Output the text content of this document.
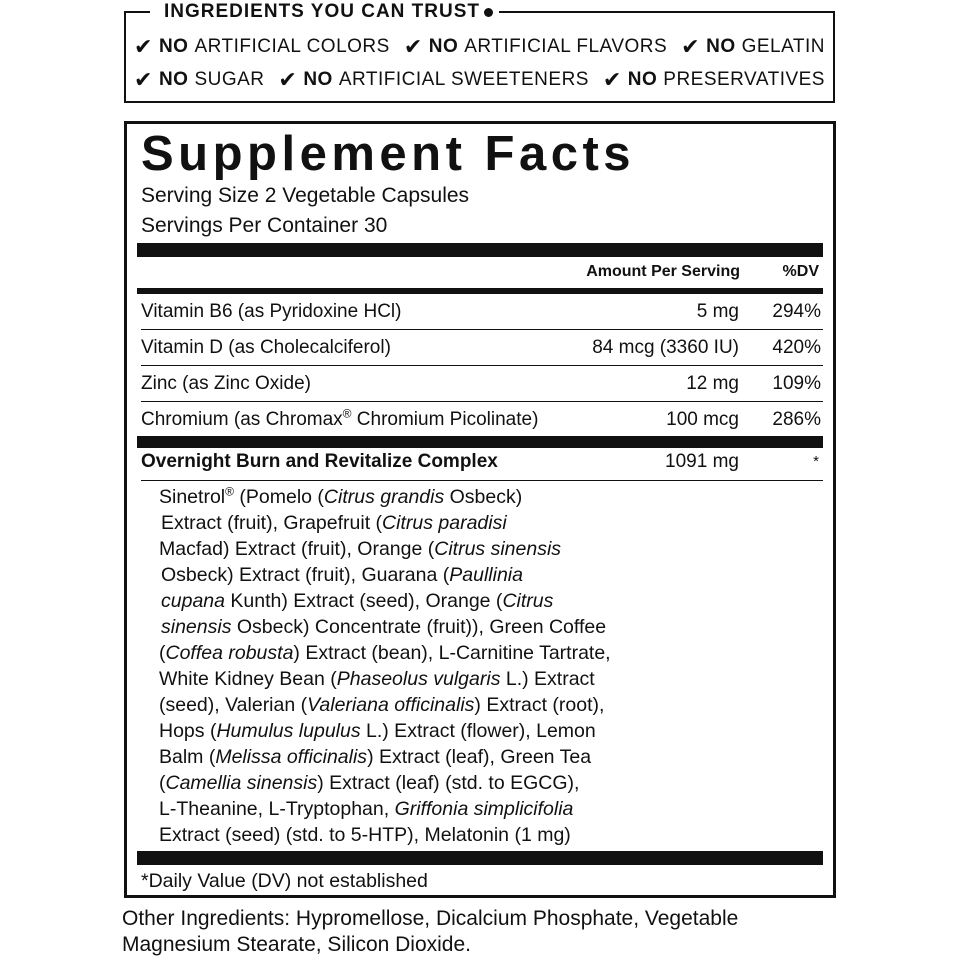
INGREDIENTS YOU CAN TRUST
✔ NO ARTIFICIAL COLORS ✔ NO ARTIFICIAL FLAVORS ✔ NO GELATIN
✔ NO SUGAR ✔ NO ARTIFICIAL SWEETENERS ✔ NO PRESERVATIVES
Supplement Facts
Serving Size 2 Vegetable Capsules
Servings Per Container 30
Amount Per Serving	%DV
Vitamin B6 (as Pyridoxine HCl)	5 mg 294%
Vitamin D (as Cholecalciferol)	84 mcg (3360 IU) 420%
Zinc (as Zinc Oxide)	12 mg 109%
Chromium (as Chromax® Chromium Picolinate)	100 mcg 286%
Overnight Burn and Revitalize Complex	1091 mg	*
Sinetrol® (Pomelo (Citrus grandis Osbeck)
Extract (fruit), Grapefruit (Citrus paradisi
Macfad) Extract (fruit), Orange (Citrus sinensis
Osbeck) Extract (fruit), Guarana (Paullinia
cupana Kunth) Extract (seed), Orange (Citrus
sinensis Osbeck) Concentrate (fruit)), Green Coffee
(Coffea robusta) Extract (bean), L-Carnitine Tartrate,
White Kidney Bean (Phaseolus vulgaris L.) Extract
(seed), Valerian (Valeriana officinalis) Extract (root),
Hops (Humulus lupulus L.) Extract (flower), Lemon
Balm (Melissa officinalis) Extract (leaf), Green Tea
(Camellia sinensis) Extract (leaf) (std. to EGCG),
L-Theanine, L-Tryptophan, Griffonia simplicifolia
Extract (seed) (std. to 5-HTP), Melatonin (1 mg)
*Daily Value (DV) not established
Other Ingredients: Hypromellose, Dicalcium Phosphate, Vegetable
Magnesium Stearate, Silicon Dioxide.
